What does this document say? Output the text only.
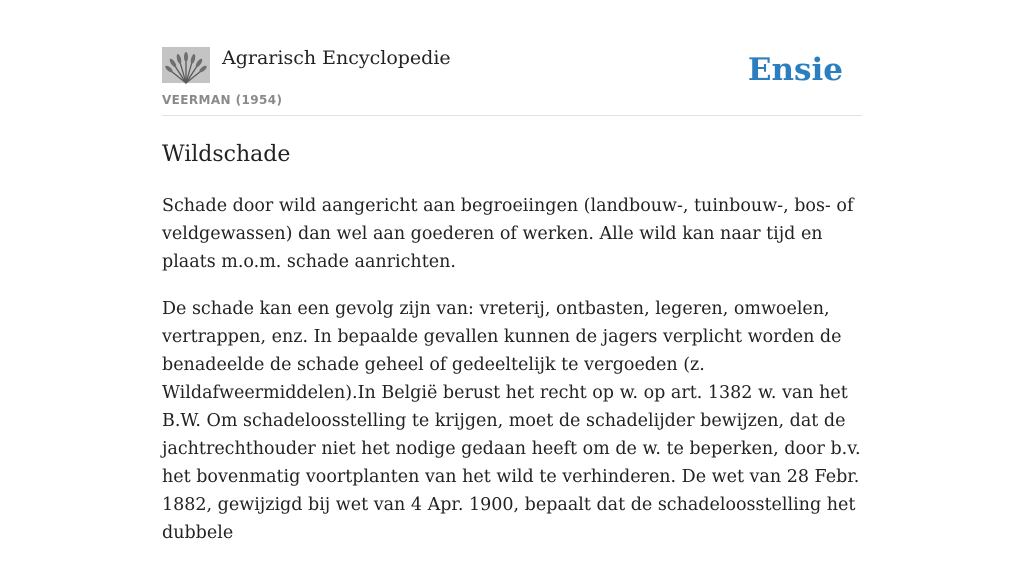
Agrarisch Encyclopedie
VEERMAN (1954)
Ensie
Wildschade

Schade door wild aangericht aan begroeiingen (landbouw-, tuinbouw-, bos- of veldgewassen) dan wel aan goederen of werken. Alle wild kan naar tijd en plaats m.o.m. schade aanrichten.

De schade kan een gevolg zijn van: vreterij, ontbasten, legeren, omwoelen, vertrappen, enz. In bepaalde gevallen kunnen de jagers verplicht worden de benadeelde de schade geheel of gedeeltelijk te vergoeden (z. Wildafweermiddelen).In België berust het recht op w. op art. 1382 w. van het B.W. Om schadeloosstelling te krijgen, moet de schadelijder bewijzen, dat de jachtrechthouder niet het nodige gedaan heeft om de w. te beperken, door b.v. het bovenmatig voortplanten van het wild te verhinderen. De wet van 28 Febr. 1882, gewijzigd bij wet van 4 Apr. 1900, bepaalt dat de schadeloosstelling het dubbele
